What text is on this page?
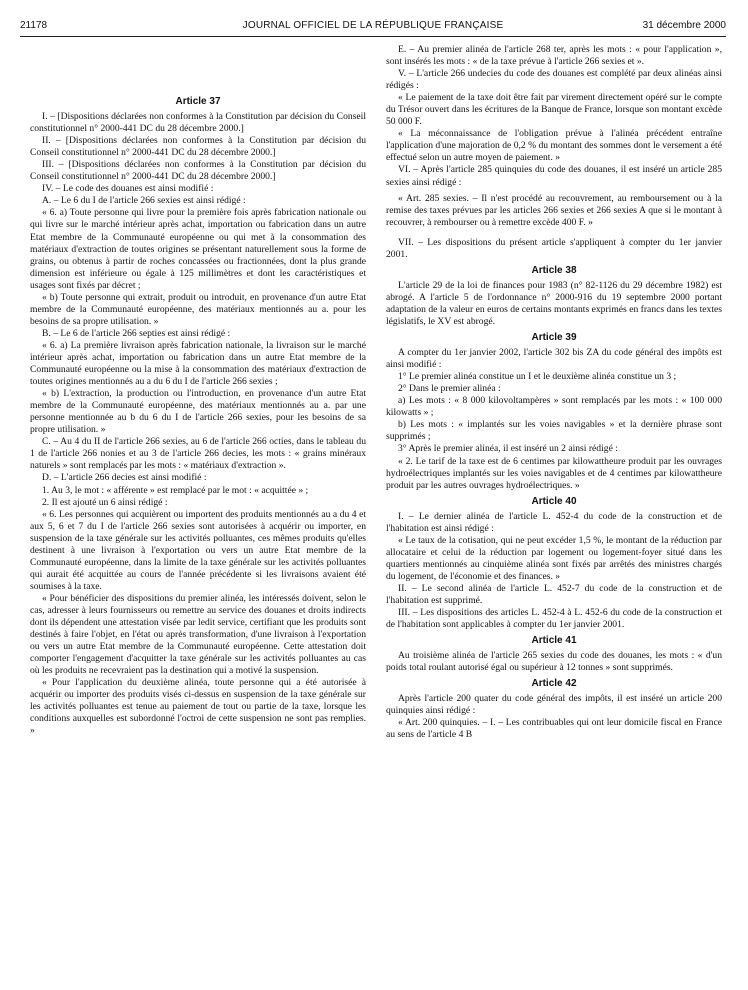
21178	JOURNAL OFFICIEL DE LA RÉPUBLIQUE FRANÇAISE	31 décembre 2000
Article 37

I. – [Dispositions déclarées non conformes à la Constitution par décision du Conseil constitutionnel n° 2000-441 DC du 28 décembre 2000.]

II. – [Dispositions déclarées non conformes à la Constitution par décision du Conseil constitutionnel n° 2000-441 DC du 28 décembre 2000.]

III. – [Dispositions déclarées non conformes à la Constitution par décision du Conseil constitutionnel n° 2000-441 DC du 28 décembre 2000.]

IV. – Le code des douanes est ainsi modifié :

A. – Le 6 du I de l'article 266 sexies est ainsi rédigé :

« 6. a) Toute personne qui livre pour la première fois après fabrication nationale ou qui livre sur le marché intérieur après achat, importation ou fabrication dans un autre Etat membre de la Communauté européenne ou qui met à la consommation des matériaux d'extraction de toutes origines se présentant naturellement sous la forme de grains, ou obtenus à partir de roches concassées ou fractionnées, dont la plus grande dimension est inférieure ou égale à 125 millimètres et dont les caractéristiques et usages sont fixés par décret ;

« b) Toute personne qui extrait, produit ou introduit, en provenance d'un autre Etat membre de la Communauté européenne, des matériaux mentionnés au a. pour les besoins de sa propre utilisation. »

B. – Le 6 de l'article 266 septies est ainsi rédigé :

« 6. a) La première livraison après fabrication nationale, la livraison sur le marché intérieur après achat, importation ou fabrication dans un autre Etat membre de la Communauté européenne ou la mise à la consommation des matériaux d'extraction de toutes origines mentionnés au a du 6 du I de l'article 266 sexies ;

« b) L'extraction, la production ou l'introduction, en provenance d'un autre Etat membre de la Communauté européenne, des matériaux mentionnés au a. par une personne mentionnée au b du 6 du I de l'article 266 sexies, pour les besoins de sa propre utilisation. »

C. – Au 4 du II de l'article 266 sexies, au 6 de l'article 266 octies, dans le tableau du 1 de l'article 266 nonies et au 3 de l'article 266 decies, les mots : « grains minéraux naturels » sont remplacés par les mots : « matériaux d'extraction ».

D. – L'article 266 decies est ainsi modifié :

1. Au 3, le mot : « afférente » est remplacé par le mot : « acquittée » ;

2. Il est ajouté un 6 ainsi rédigé :

« 6. Les personnes qui acquièrent ou importent des produits mentionnés au a du 4 et aux 5, 6 et 7 du I de l'article 266 sexies sont autorisées à acquérir ou importer, en suspension de la taxe générale sur les activités polluantes, ces mêmes produits qu'elles destinent à une livraison à l'exportation ou vers un autre Etat membre de la Communauté européenne, dans la limite de la taxe générale sur les activités polluantes qui aurait été acquittée au cours de l'année précédente si les livraisons avaient été soumises à la taxe.

« Pour bénéficier des dispositions du premier alinéa, les intéressés doivent, selon le cas, adresser à leurs fournisseurs ou remettre au service des douanes et droits indirects dont ils dépendent une attestation visée par ledit service, certifiant que les produits sont destinés à faire l'objet, en l'état ou après transformation, d'une livraison à l'exportation ou vers un autre Etat membre de la Communauté européenne. Cette attestation doit comporter l'engagement d'acquitter la taxe générale sur les activités polluantes au cas où les produits ne recevraient pas la destination qui a motivé la suspension.

« Pour l'application du deuxième alinéa, toute personne qui a été autorisée à acquérir ou importer des produits visés ci-dessus en suspension de la taxe générale sur les activités polluantes est tenue au paiement de tout ou partie de la taxe, lorsque les conditions auxquelles est subordonné l'octroi de cette suspension ne sont pas remplies. »

E. – Au premier alinéa de l'article 268 ter, après les mots : « pour l'application », sont insérés les mots : « de la taxe prévue à l'article 266 sexies et ».

V. – L'article 266 undecies du code des douanes est complété par deux alinéas ainsi rédigés :

« Le paiement de la taxe doit être fait par virement directement opéré sur le compte du Trésor ouvert dans les écritures de la Banque de France, lorsque son montant excède 50 000 F.

« La méconnaissance de l'obligation prévue à l'alinéa précédent entraîne l'application d'une majoration de 0,2 % du montant des sommes dont le versement a été effectué selon un autre moyen de paiement. »

VI. – Après l'article 285 quinquies du code des douanes, il est inséré un article 285 sexies ainsi rédigé :

« Art. 285 sexies. – Il n'est procédé au recouvrement, au remboursement ou à la remise des taxes prévues par les articles 266 sexies et 266 sexies A que si le montant à recouvrer, à rembourser ou à remettre excède 400 F. »

VII. – Les dispositions du présent article s'appliquent à compter du 1er janvier 2001.

Article 38

L'article 29 de la loi de finances pour 1983 (n° 82-1126 du 29 décembre 1982) est abrogé. A l'article 5 de l'ordonnance n° 2000-916 du 19 septembre 2000 portant adaptation de la valeur en euros de certains montants exprimés en francs dans les textes législatifs, le XV est abrogé.

Article 39

A compter du 1er janvier 2002, l'article 302 bis ZA du code général des impôts est ainsi modifié :

1° Le premier alinéa constitue un I et le deuxième alinéa constitue un 3 ;

2° Dans le premier alinéa :

a) Les mots : « 8 000 kilovoltampères » sont remplacés par les mots : « 100 000 kilowatts » ;

b) Les mots : « implantés sur les voies navigables » et la dernière phrase sont supprimés ;

3° Après le premier alinéa, il est inséré un 2 ainsi rédigé :

« 2. Le tarif de la taxe est de 6 centimes par kilowattheure produit par les ouvrages hydroélectriques implantés sur les voies navigables et de 4 centimes par kilowattheure produit par les autres ouvrages hydroélectriques. »

Article 40

I. – Le dernier alinéa de l'article L. 452-4 du code de la construction et de l'habitation est ainsi rédigé :

« Le taux de la cotisation, qui ne peut excéder 1,5 %, le montant de la réduction par allocataire et celui de la réduction par logement ou logement-foyer situé dans les quartiers mentionnés au cinquième alinéa sont fixés par arrêtés des ministres chargés du logement, de l'économie et des finances. »

II. – Le second alinéa de l'article L. 452-7 du code de la construction et de l'habitation est supprimé.

III. – Les dispositions des articles L. 452-4 à L. 452-6 du code de la construction et de l'habitation sont applicables à compter du 1er janvier 2001.

Article 41

Au troisième alinéa de l'article 265 sexies du code des douanes, les mots : « d'un poids total roulant autorisé égal ou supérieur à 12 tonnes » sont supprimés.

Article 42

Après l'article 200 quater du code général des impôts, il est inséré un article 200 quinquies ainsi rédigé :

« Art. 200 quinquies. – I. – Les contribuables qui ont leur domicile fiscal en France au sens de l'article 4 B
